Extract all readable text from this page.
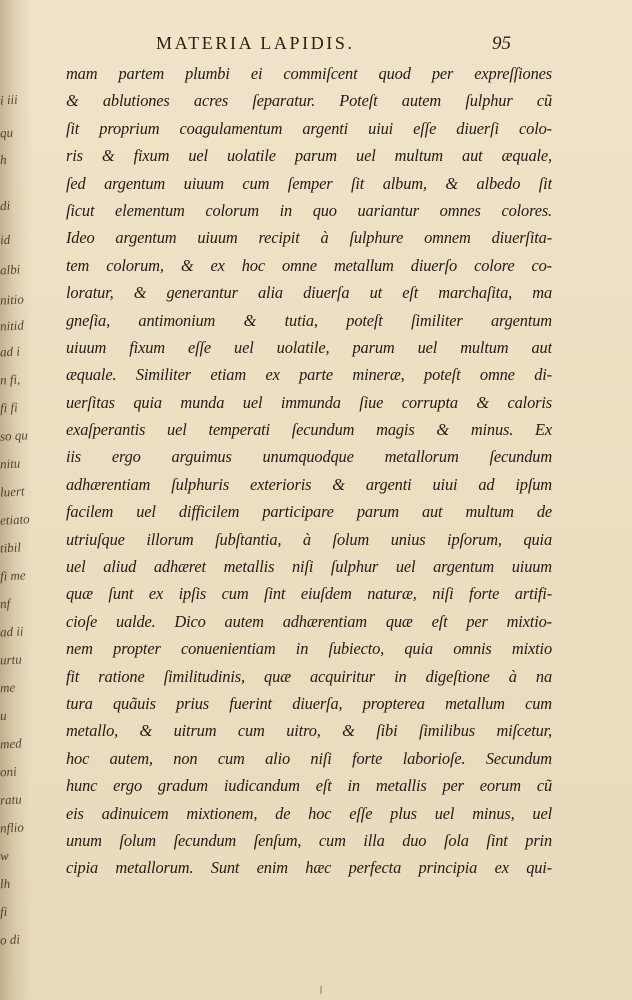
i iii
qu
h
nitio
nitid
ad i
n fi,
fi fi
so qu
nitu
luert
etiato
tibil
fi me
nf
ad ii
urtu
me
u
med
oni
ratu
nflio
w
lh
di
id
albi
fi
o di
MATERIA LAPIDIS.	95
mam partem plumbi ei commiſcent quod per expreſſiones
& ablutiones acres ſeparatur. Poteſt autem ſulphur cũ
ſit proprium coagulamentum argenti uiui eſſe diuerſi colo-
ris & fixum uel uolatile parum uel multum aut æquale,
ſed argentum uiuum cum ſemper ſit album, & albedo ſit
ſicut elementum colorum in quo uariantur omnes colores.
Ideo argentum uiuum recipit à ſulphure omnem diuerſita-
tem colorum, & ex hoc omne metallum diuerſo colore co-
loratur, & generantur alia diuerſa ut eſt marchaſita, ma
gneſia, antimonium & tutia, poteſt ſimiliter argentum
uiuum fixum eſſe uel uolatile, parum uel multum aut
æquale. Similiter etiam ex parte mineræ, poteſt omne di-
uerſitas quia munda uel immunda ſiue corrupta & caloris
exaſperantis uel temperati ſecundum magis & minus. Ex
iis ergo arguimus unumquodque metallorum ſecundum
adhærentiam ſulphuris exterioris & argenti uiui ad ipſum
facilem uel difficilem participare parum aut multum de
utriuſque illorum ſubſtantia, à ſolum unius ipſorum, quia
uel aliud adhæret metallis niſi ſulphur uel argentum uiuum
quæ ſunt ex ipſis cum ſint eiuſdem naturæ, niſi forte artifi-
cioſe ualde. Dico autem adhærentiam quæ eſt per mixtio-
nem propter conuenientiam in ſubiecto, quia omnis mixtio
fit ratione ſimilitudinis, quæ acquiritur in digeſtione à na
tura quãuis prius fuerint diuerſa, propterea metallum cum
metallo, & uitrum cum uitro, & ſibi ſimilibus miſcetur,
hoc autem, non cum alio niſi forte laborioſe. Secundum
hunc ergo gradum iudicandum eſt in metallis per eorum cũ
eis adinuicem mixtionem, de hoc eſſe plus uel minus, uel
unum ſolum ſecundum ſenſum, cum illa duo ſola ſint prin
cipia metallorum. Sunt enim hæc perfecta principia ex qui-
